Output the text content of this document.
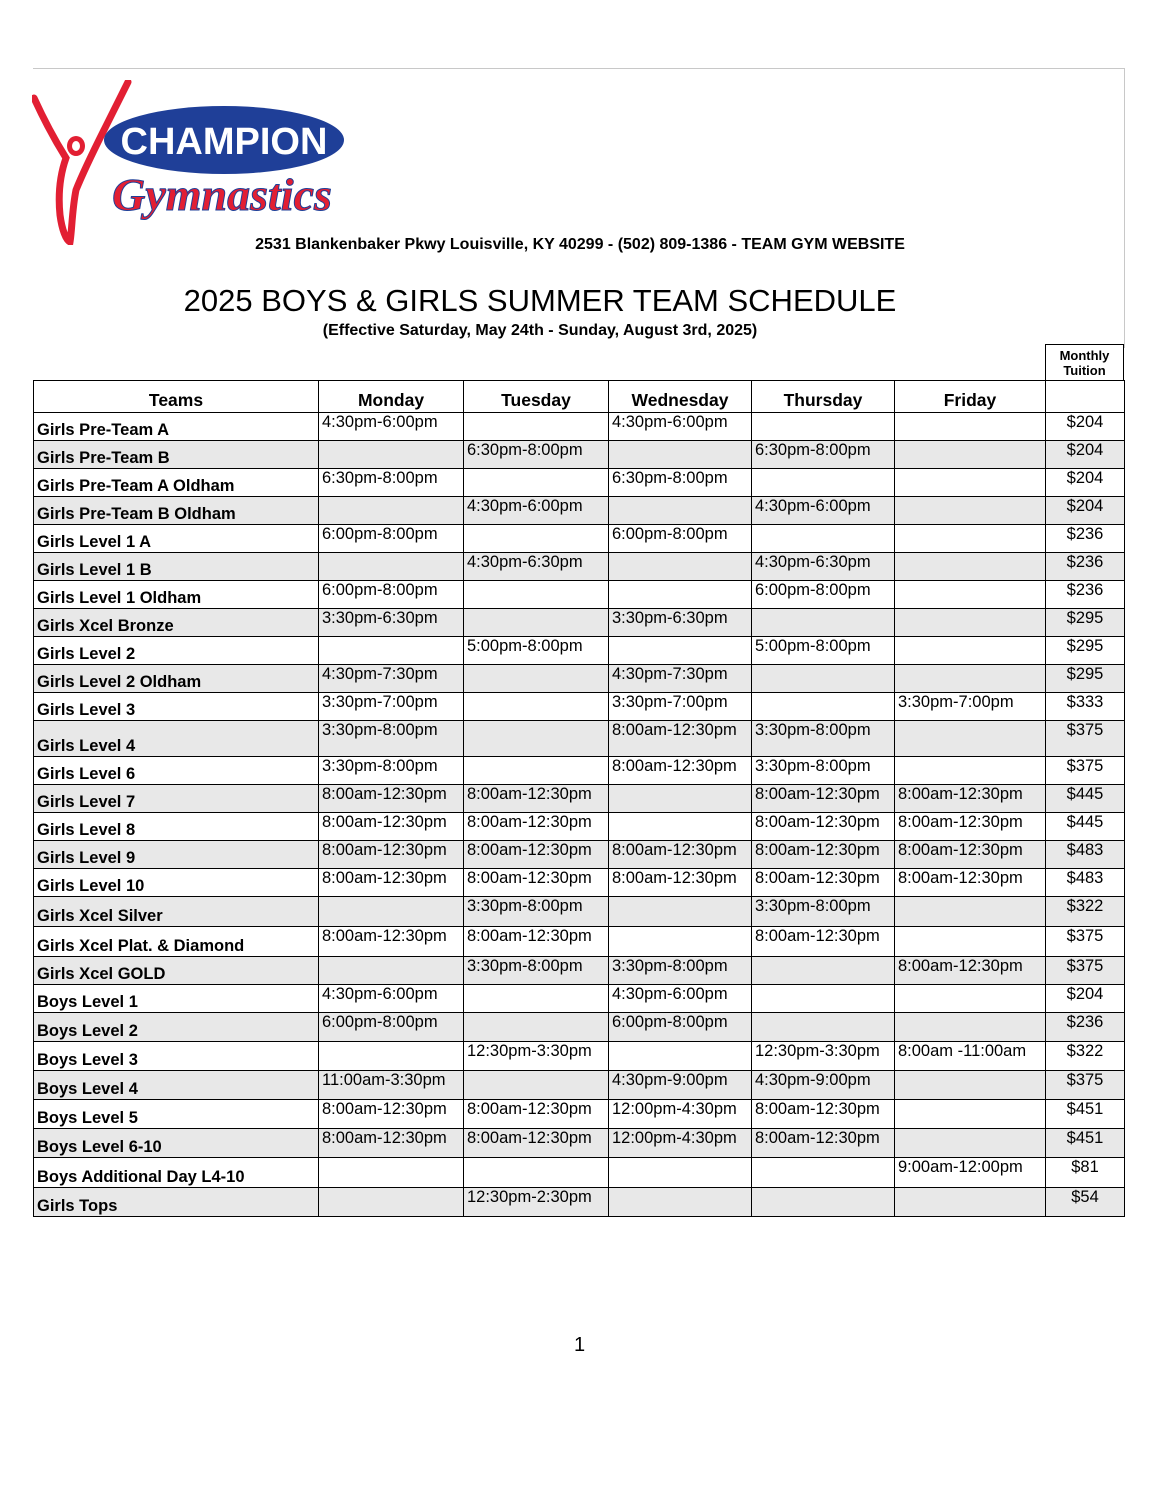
CHAMPION
Gymnastics
2531 Blankenbaker Pkwy Louisville, KY 40299 - (502) 809-1386 - TEAM GYM WEBSITE
2025 BOYS & GIRLS SUMMER TEAM SCHEDULE
(Effective Saturday, May 24th - Sunday, August 3rd, 2025)
Monthly
Tuition
Teams	Monday	Tuesday	Wednesday	Thursday	Friday	
Girls Pre-Team A	4:30pm-6:00pm		4:30pm-6:00pm			$204
Girls Pre-Team B		6:30pm-8:00pm		6:30pm-8:00pm		$204
Girls Pre-Team A Oldham	6:30pm-8:00pm		6:30pm-8:00pm			$204
Girls Pre-Team B Oldham		4:30pm-6:00pm		4:30pm-6:00pm		$204
Girls Level 1 A	6:00pm-8:00pm		6:00pm-8:00pm			$236
Girls Level 1 B		4:30pm-6:30pm		4:30pm-6:30pm		$236
Girls Level 1 Oldham	6:00pm-8:00pm			6:00pm-8:00pm		$236
Girls Xcel Bronze	3:30pm-6:30pm		3:30pm-6:30pm			$295
Girls Level 2		5:00pm-8:00pm		5:00pm-8:00pm		$295
Girls Level 2 Oldham	4:30pm-7:30pm		4:30pm-7:30pm			$295
Girls Level 3	3:30pm-7:00pm		3:30pm-7:00pm		3:30pm-7:00pm	$333
Girls Level 4	3:30pm-8:00pm		8:00am-12:30pm	3:30pm-8:00pm		$375
Girls Level 6	3:30pm-8:00pm		8:00am-12:30pm	3:30pm-8:00pm		$375
Girls Level 7	8:00am-12:30pm	8:00am-12:30pm		8:00am-12:30pm	8:00am-12:30pm	$445
Girls Level 8	8:00am-12:30pm	8:00am-12:30pm		8:00am-12:30pm	8:00am-12:30pm	$445
Girls Level 9	8:00am-12:30pm	8:00am-12:30pm	8:00am-12:30pm	8:00am-12:30pm	8:00am-12:30pm	$483
Girls Level 10	8:00am-12:30pm	8:00am-12:30pm	8:00am-12:30pm	8:00am-12:30pm	8:00am-12:30pm	$483
Girls Xcel Silver		3:30pm-8:00pm		3:30pm-8:00pm		$322
Girls Xcel Plat. & Diamond	8:00am-12:30pm	8:00am-12:30pm		8:00am-12:30pm		$375
Girls Xcel GOLD		3:30pm-8:00pm	3:30pm-8:00pm		8:00am-12:30pm	$375
Boys Level 1	4:30pm-6:00pm		4:30pm-6:00pm			$204
Boys Level 2	6:00pm-8:00pm		6:00pm-8:00pm			$236
Boys Level 3		12:30pm-3:30pm		12:30pm-3:30pm	8:00am -11:00am	$322
Boys Level 4	11:00am-3:30pm		4:30pm-9:00pm	4:30pm-9:00pm		$375
Boys Level 5	8:00am-12:30pm	8:00am-12:30pm	12:00pm-4:30pm	8:00am-12:30pm		$451
Boys Level 6-10	8:00am-12:30pm	8:00am-12:30pm	12:00pm-4:30pm	8:00am-12:30pm		$451
Boys Additional Day L4-10					9:00am-12:00pm	$81
Girls Tops		12:30pm-2:30pm				$54
1
